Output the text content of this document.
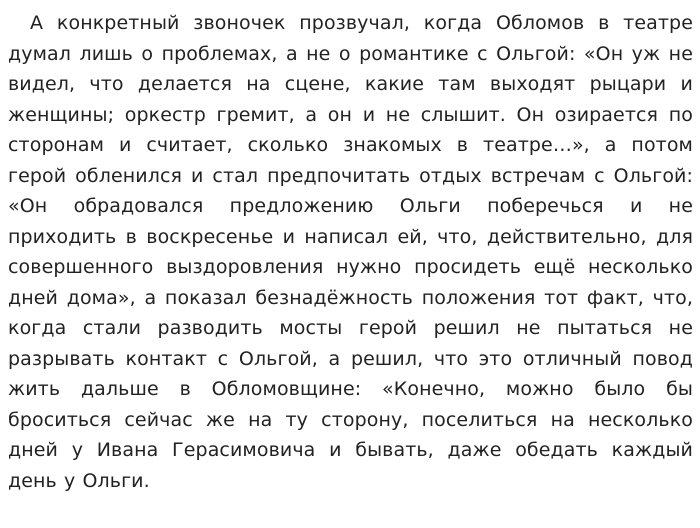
А конкретный звоночек прозвучал, когда Обломов в театре думал лишь о проблемах, а не о романтике с Ольгой: «Он уж не видел, что делается на сцене, какие там выходят рыцари и женщины; оркестр гремит, а он и не слышит. Он озирается по сторонам и считает, сколько знакомых в театре…», а потом герой обленился и стал предпочитать отдых встречам с Ольгой: «Он обрадовался предложению Ольги поберечься и не приходить в воскресенье и написал ей, что, действительно, для совершенного выздоровления нужно просидеть ещё несколько дней дома», а показал безнадёжность положения тот факт, что, когда стали разводить мосты герой решил не пытаться не разрывать контакт с Ольгой, а решил, что это отличный повод жить дальше в Обломовщине: «Конечно, можно было бы броситься сейчас же на ту сторону, поселиться на несколько дней у Ивана Герасимовича и бывать, даже обедать каждый день у Ольги.
